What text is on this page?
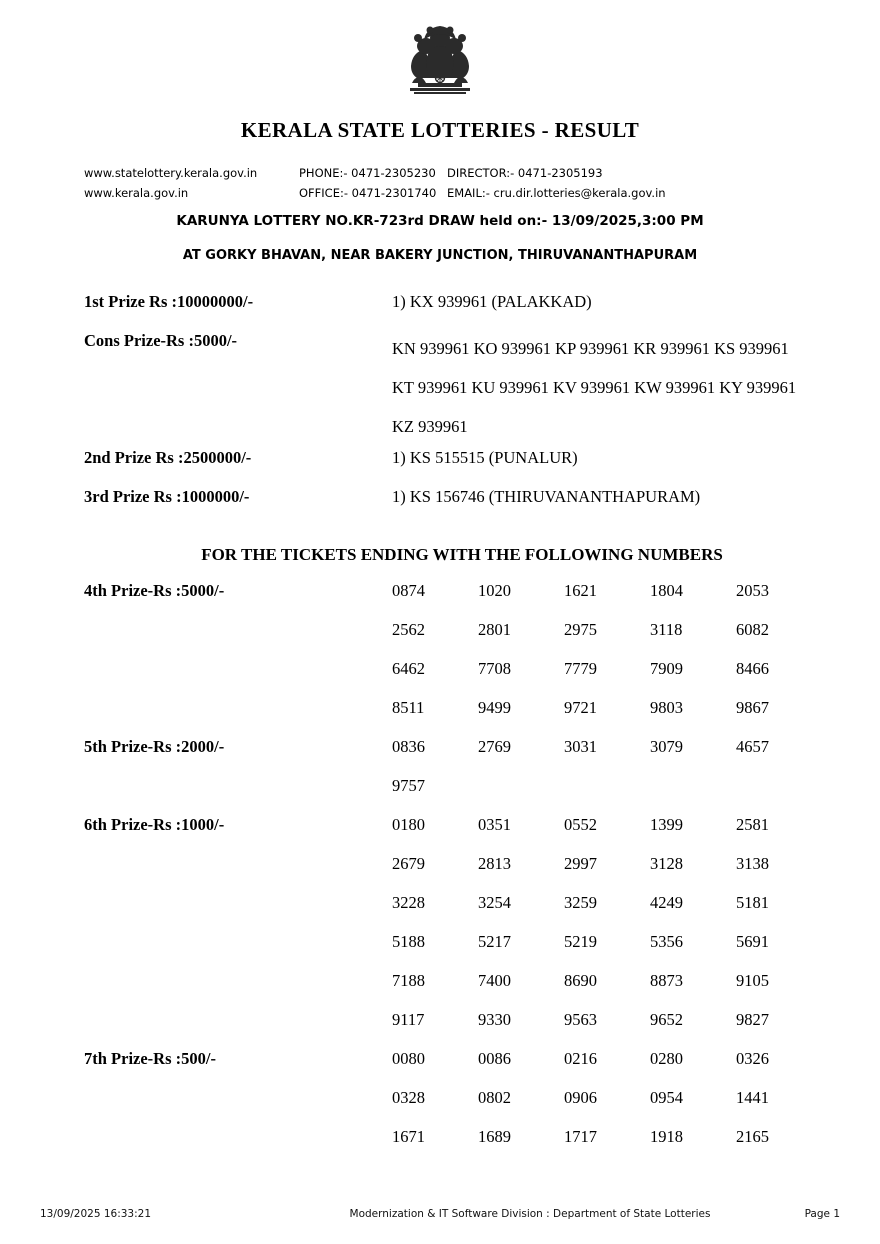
KERALA STATE LOTTERIES - RESULT
www.statelottery.kerala.gov.in	PHONE:- 0471-2305230 DIRECTOR:- 0471-2305193
www.kerala.gov.in	OFFICE:- 0471-2301740 EMAIL:- cru.dir.lotteries@kerala.gov.in
KARUNYA LOTTERY NO.KR-723rd DRAW held on:- 13/09/2025,3:00 PM
AT GORKY BHAVAN, NEAR BAKERY JUNCTION, THIRUVANANTHAPURAM
1st Prize Rs :10000000/-	1) KX 939961 (PALAKKAD)
Cons Prize-Rs :5000/-	KN 939961 KO 939961 KP 939961 KR 939961 KS 939961
KT 939961 KU 939961 KV 939961 KW 939961 KY 939961
KZ 939961
2nd Prize Rs :2500000/-	1) KS 515515 (PUNALUR)
3rd Prize Rs :1000000/-	1) KS 156746 (THIRUVANANTHAPURAM)
FOR THE TICKETS ENDING WITH THE FOLLOWING NUMBERS
4th Prize-Rs :5000/-	0874	1020	1621	1804	2053
2562	2801	2975	3118	6082
6462	7708	7779	7909	8466
8511	9499	9721	9803	9867
5th Prize-Rs :2000/-	0836	2769	3031	3079	4657
9757
6th Prize-Rs :1000/-	0180	0351	0552	1399	2581
2679	2813	2997	3128	3138
3228	3254	3259	4249	5181
5188	5217	5219	5356	5691
7188	7400	8690	8873	9105
9117	9330	9563	9652	9827
7th Prize-Rs :500/-	0080	0086	0216	0280	0326
0328	0802	0906	0954	1441
1671	1689	1717	1918	2165
13/09/2025 16:33:21	Modernization & IT Software Division : Department of State Lotteries	Page 1
